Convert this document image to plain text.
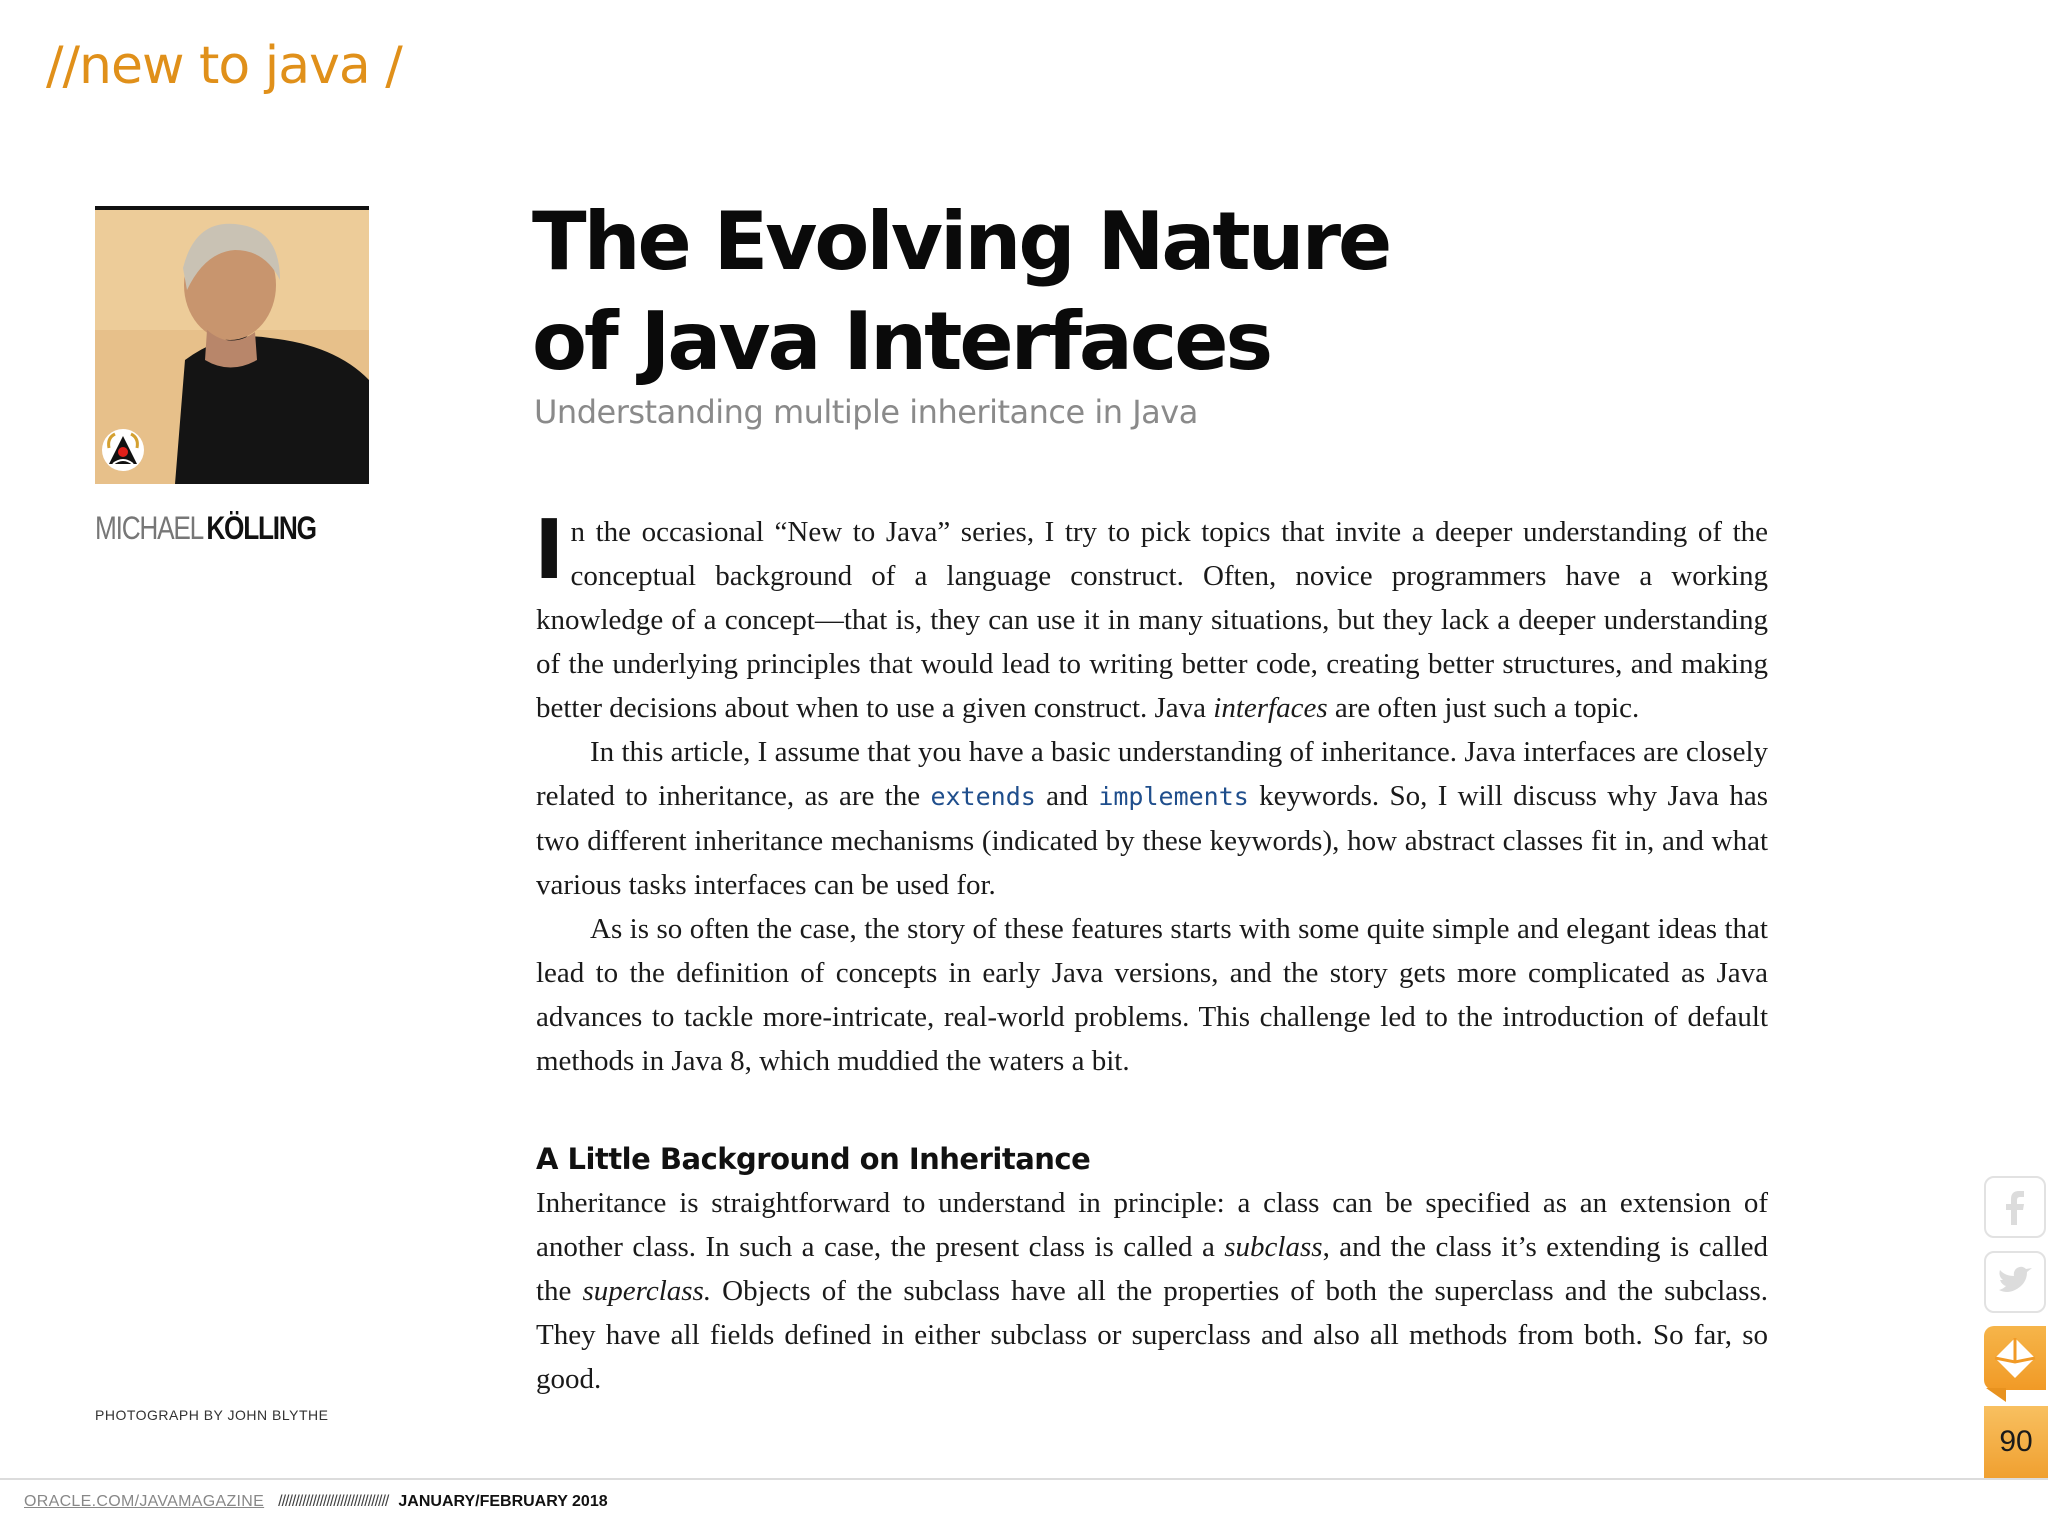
//new to java /
MICHAEL KÖLLING
PHOTOGRAPH BY JOHN BLYTHE
The Evolving Nature
of Java Interfaces
Understanding multiple inheritance in Java

In the occasional “New to Java” series, I try to pick topics that invite a deeper understanding of the conceptual background of a language construct. Often, novice programmers have a working knowledge of a concept—that is, they can use it in many situations, but they lack a deeper understanding of the underlying principles that would lead to writing better code, creating better structures, and making better decisions about when to use a given construct. Java interfaces are often just such a topic.

In this article, I assume that you have a basic understanding of inheritance. Java interfaces are closely related to inheritance, as are the extends and implements keywords. So, I will discuss why Java has two different inheritance mechanisms (indicated by these keywords), how abstract classes fit in, and what various tasks interfaces can be used for.

As is so often the case, the story of these features starts with some quite simple and elegant ideas that lead to the definition of concepts in early Java versions, and the story gets more complicated as Java advances to tackle more-intricate, real-world problems. This challenge led to the introduction of default methods in Java 8, which muddied the waters a bit.

A Little Background on Inheritance

Inheritance is straightforward to understand in principle: a class can be specified as an extension of another class. In such a case, the present class is called a subclass, and the class it’s extending is called the superclass. Objects of the subclass have all the properties of both the superclass and the subclass. They have all fields defined in either subclass or superclass and also all methods from both. So far, so good.

90
ORACLE.COM/JAVAMAGAZINE //////////////////////////////// JANUARY/FEBRUARY 2018
